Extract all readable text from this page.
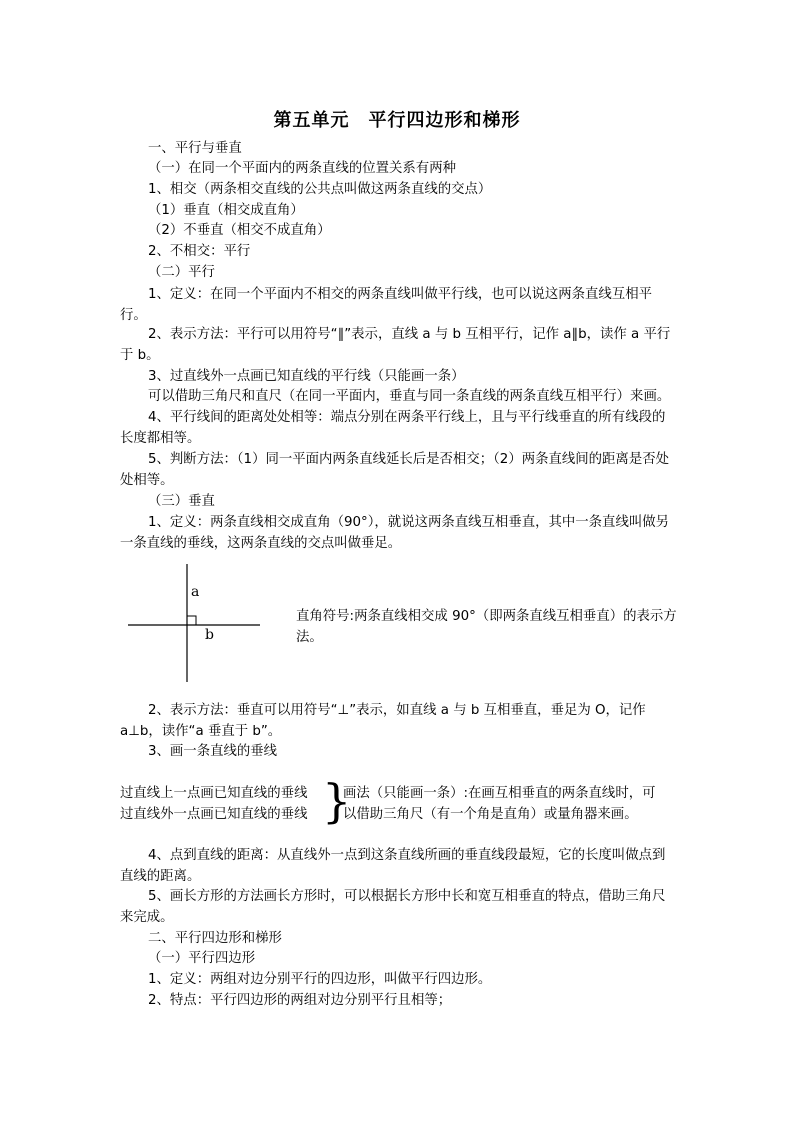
第五单元　平行四边形和梯形
一、平行与垂直
（一）在同一个平面内的两条直线的位置关系有两种
1、相交（两条相交直线的公共点叫做这两条直线的交点）
（1）垂直（相交成直角）
（2）不垂直（相交不成直角）
2、不相交：平行
（二）平行
1、定义：在同一个平面内不相交的两条直线叫做平行线，也可以说这两条直线互相平行。
2、表示方法：平行可以用符号“∥”表示，直线 a 与 b 互相平行，记作 a∥b，读作 a 平行于 b。
3、过直线外一点画已知直线的平行线（只能画一条）
可以借助三角尺和直尺（在同一平面内，垂直与同一条直线的两条直线互相平行）来画。
4、平行线间的距离处处相等：端点分别在两条平行线上，且与平行线垂直的所有线段的长度都相等。
5、判断方法：（1）同一平面内两条直线延长后是否相交；（2）两条直线间的距离是否处处相等。
（三）垂直
1、定义：两条直线相交成直角（90°），就说这两条直线互相垂直，其中一条直线叫做另一条直线的垂线，这两条直线的交点叫做垂足。
a
b
直角符号:两条直线相交成 90°（即两条直线互相垂直）的表示方法。
2、表示方法：垂直可以用符号“⊥”表示，如直线 a 与 b 互相垂直，垂足为 O，记作 a⊥b，读作“a 垂直于 b”。
3、画一条直线的垂线
过直线上一点画已知直线的垂线
过直线外一点画已知直线的垂线 }
画法（只能画一条）:在画互相垂直的两条直线时，可
以借助三角尺（有一个角是直角）或量角器来画。
4、点到直线的距离：从直线外一点到这条直线所画的垂直线段最短，它的长度叫做点到直线的距离。
5、画长方形的方法画长方形时，可以根据长方形中长和宽互相垂直的特点，借助三角尺来完成。
二、平行四边形和梯形
（一）平行四边形
1、定义：两组对边分别平行的四边形，叫做平行四边形。
2、特点：平行四边形的两组对边分别平行且相等；
